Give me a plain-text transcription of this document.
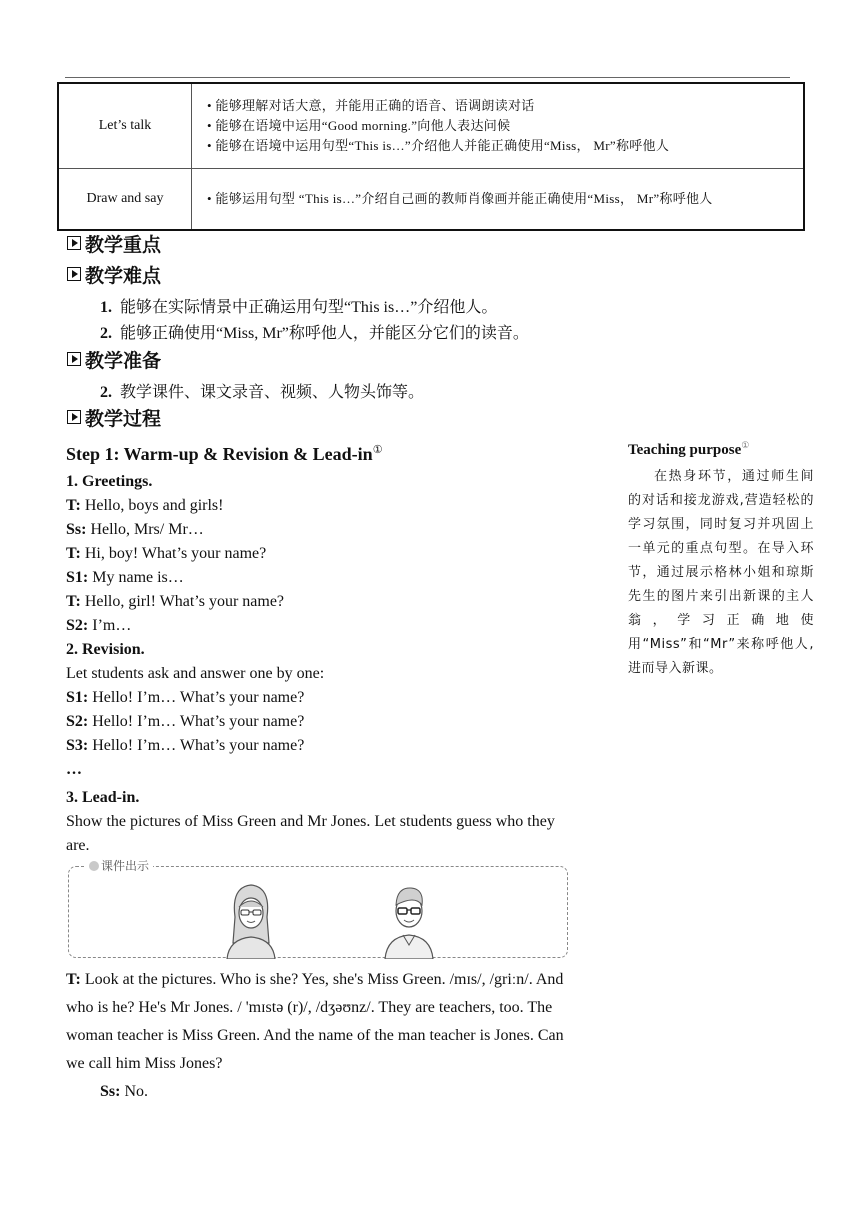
Let’s talk	• 能够理解对话大意，并能用正确的语音、语调朗读对话
• 能够在语境中运用“Good morning.”向他人表达问候
• 能够在语境中运用句型“This is…”介绍他人并能正确使用“Miss， Mr”称呼他人

Draw and say	• 能够运用句型 “This is…”介绍自己画的教师肖像画并能正确使用“Miss， Mr”称呼他人
教学重点
教学难点
1. 能够在实际情景中正确运用句型“This is…”介绍他人。
2. 能够正确使用“Miss, Mr”称呼他人，并能区分它们的读音。
教学准备
2. 教学课件、课文录音、视频、人物头饰等。
教学过程
Step 1: Warm-up & Revision & Lead-in①

1. Greetings.

T: Hello, boys and girls!

Ss: Hello, Mrs/ Mr…

T: Hi, boy! What’s your name?

S1: My name is…

T: Hello, girl! What’s your name?

S2: I’m…

2. Revision.

Let students ask and answer one by one:

S1: Hello! I’m… What’s your name?

S2: Hello! I’m… What’s your name?

S3: Hello! I’m… What’s your name?

…

3. Lead-in.

Show the pictures of Miss Green and Mr Jones. Let students guess who they are.

课件出示

T: Look at the pictures. Who is she? Yes, she's Miss Green. /mɪs/, /griːn/. And who is he? He's Mr Jones. / 'mɪstə (r)/, /dʒəʊnz/. They are teachers, too. The woman teacher is Miss Green. And the name of the man teacher is Jones. Can we call him Miss Jones?

Ss: No.

Teaching purpose①
在热身环节，通过师生间的对话和接龙游戏,营造轻松的学习氛围，同时复习并巩固上一单元的重点句型。在导入环节，通过展示格林小姐和琼斯先生的图片来引出新课的主人翁，学习正确地使用“Miss”和“Mr”来称呼他人,进而导入新课。
